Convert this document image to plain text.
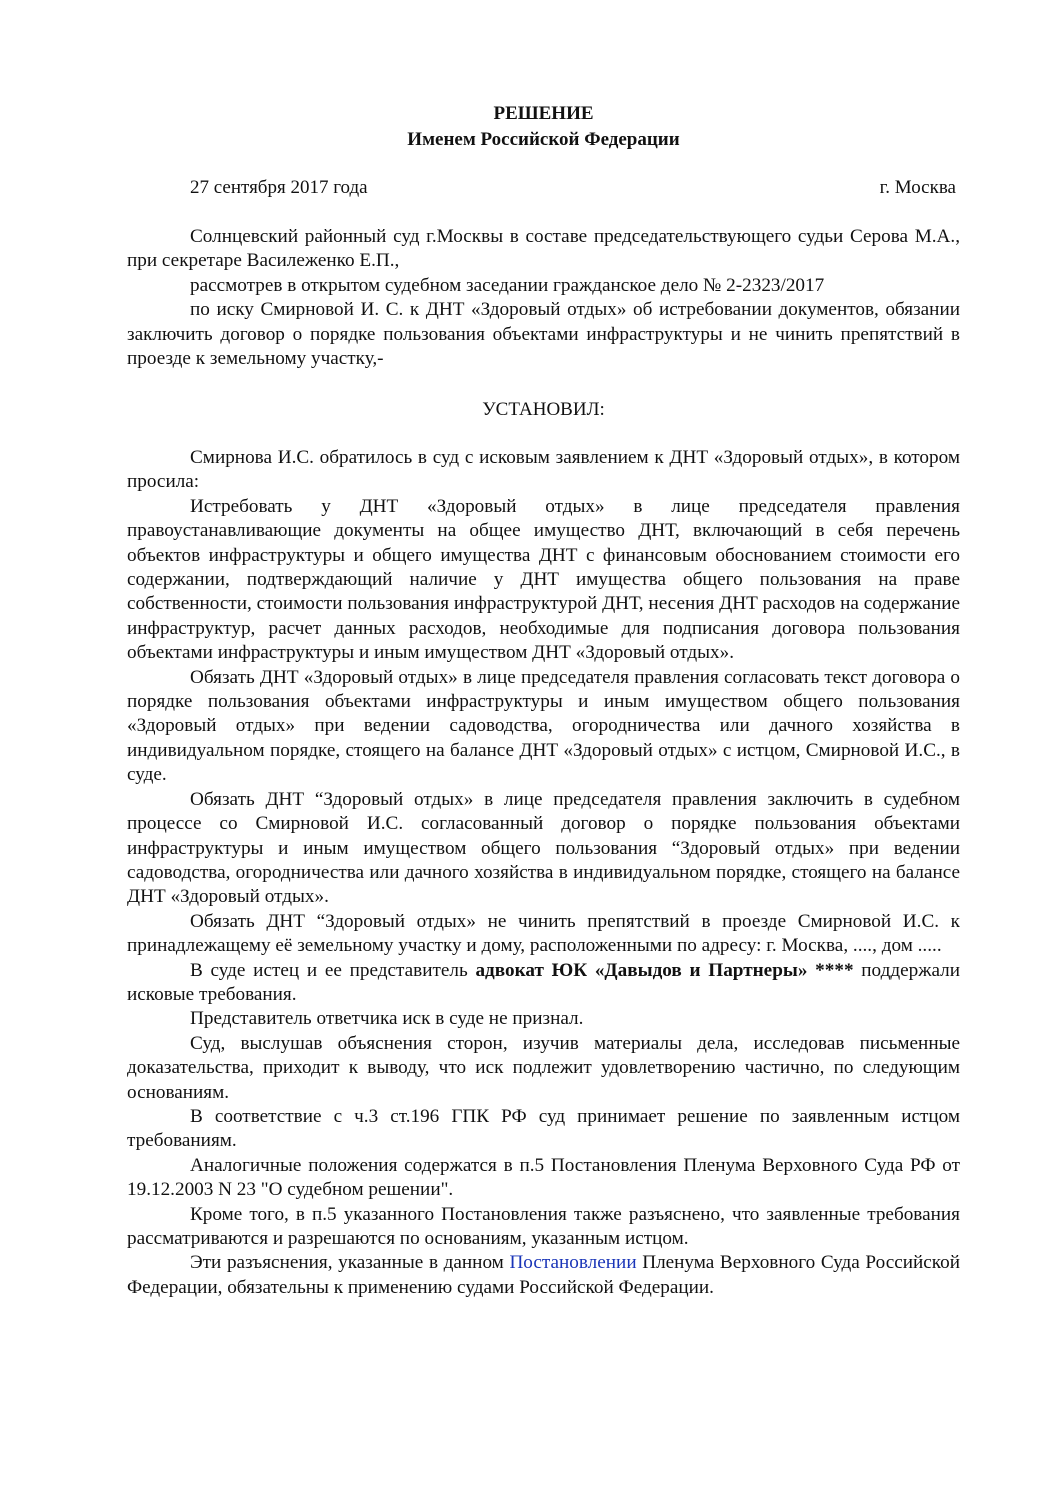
РЕШЕНИЕ
Именем Российской Федерации
27 сентября 2017 года	г. Москва

Солнцевский районный суд г.Москвы в составе председательствующего судьи Серова М.А., при секретаре Василеженко Е.П.,

рассмотрев в открытом судебном заседании гражданское дело № 2-2323/2017

по иску Смирновой И. С. к ДНТ «Здоровый отдых» об истребовании документов, обязании заключить договор о порядке пользования объектами инфраструктуры и не чинить препятствий в проезде к земельному участку,-

УСТАНОВИЛ:

Смирнова И.С. обратилось в суд с исковым заявлением к ДНТ «Здоровый отдых», в котором просила:

Истребовать у ДНТ «Здоровый отдых» в лице председателя правления правоустанавливающие документы на общее имущество ДНТ, включающий в себя перечень объектов инфраструктуры и общего имущества ДНТ с финансовым обоснованием стоимости его содержании, подтверждающий наличие у ДНТ имущества общего пользования на праве собственности, стоимости пользования инфраструктурой ДНТ, несения ДНТ расходов на содержание инфраструктур, расчет данных расходов, необходимые для подписания договора пользования объектами инфраструктуры и иным имуществом ДНТ «Здоровый отдых».

Обязать ДНТ «Здоровый отдых» в лице председателя правления согласовать текст договора о порядке пользования объектами инфраструктуры и иным имуществом общего пользования «Здоровый отдых» при ведении садоводства, огородничества или дачного хозяйства в индивидуальном порядке, стоящего на балансе ДНТ «Здоровый отдых» с истцом, Смирновой И.С., в суде.

Обязать ДНТ “Здоровый отдых» в лице председателя правления заключить в судебном процессе со Смирновой И.С. согласованный договор о порядке пользования объектами инфраструктуры и иным имуществом общего пользования “Здоровый отдых» при ведении садоводства, огородничества или дачного хозяйства в индивидуальном порядке, стоящего на балансе ДНТ «Здоровый отдых».

Обязать ДНТ “Здоровый отдых» не чинить препятствий в проезде Смирновой И.С. к принадлежащему её земельному участку и дому, расположенными по адресу: г. Москва, ...., дом .....

В суде истец и ее представитель адвокат ЮК «Давыдов и Партнеры» **** поддержали исковые требования.

Представитель ответчика иск в суде не признал.

Суд, выслушав объяснения сторон, изучив материалы дела, исследовав письменные доказательства, приходит к выводу, что иск подлежит удовлетворению частично, по следующим основаниям.

В соответствие с ч.3 ст.196 ГПК РФ суд принимает решение по заявленным истцом требованиям.

Аналогичные положения содержатся в п.5 Постановления Пленума Верховного Суда РФ от 19.12.2003 N 23 "О судебном решении".

Кроме того, в п.5 указанного Постановления также разъяснено, что заявленные требования рассматриваются и разрешаются по основаниям, указанным истцом.

Эти разъяснения, указанные в данном Постановлении Пленума Верховного Суда Российской Федерации, обязательны к применению судами Российской Федерации.
